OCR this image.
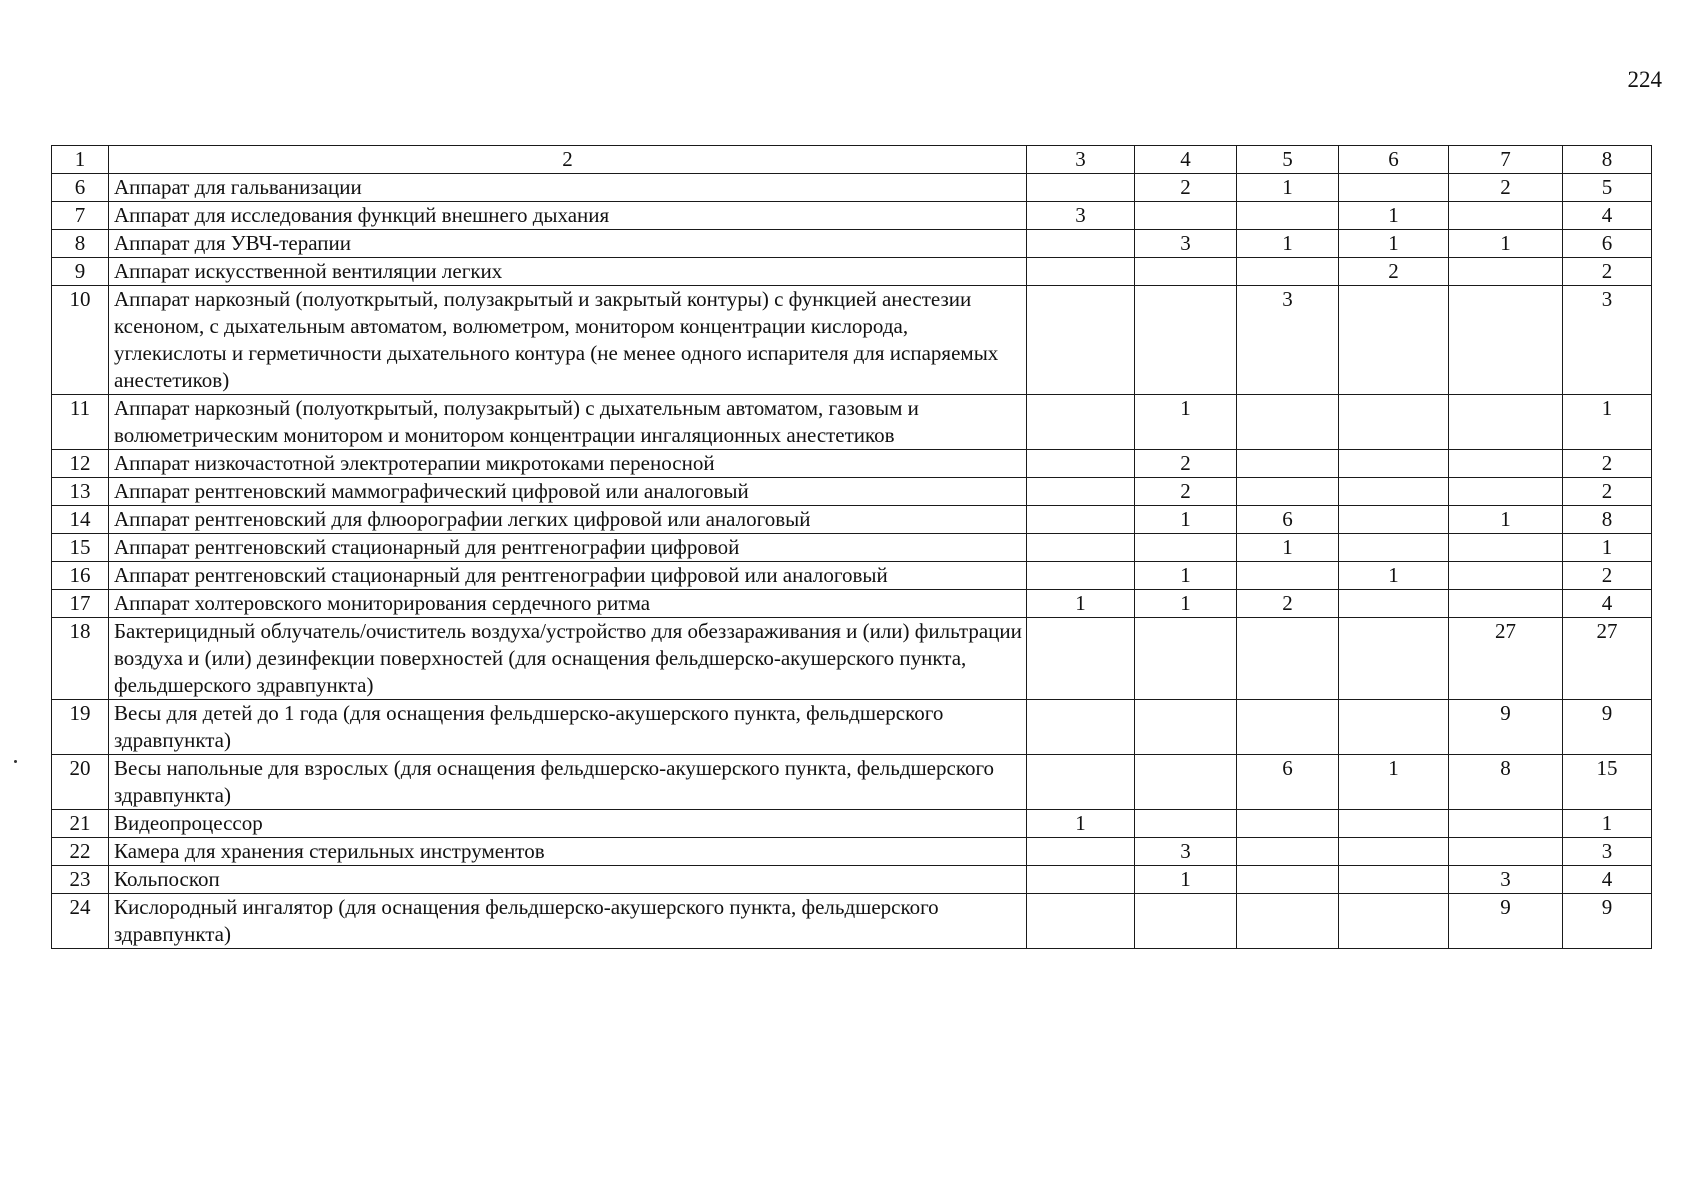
224
1	2	3	4	5	6	7	8
6	Аппарат для гальванизации		2	1		2	5
7	Аппарат для исследования функций внешнего дыхания	3			1		4
8	Аппарат для УВЧ-терапии		3	1	1	1	6
9	Аппарат искусственной вентиляции легких				2		2
10	Аппарат наркозный (полуоткрытый, полузакрытый и закрытый контуры) с функцией анестезии ксеноном, с дыхательным автоматом, волюметром, монитором концентрации кислорода, углекислоты и герметичности дыхательного контура (не менее одного испарителя для испаряемых анестетиков)			3			3
11	Аппарат наркозный (полуоткрытый, полузакрытый) с дыхательным автоматом, газовым и волюметрическим монитором и монитором концентрации ингаляционных анестетиков		1				1
12	Аппарат низкочастотной электротерапии микротоками переносной		2				2
13	Аппарат рентгеновский маммографический цифровой или аналоговый		2				2
14	Аппарат рентгеновский для флюорографии легких цифровой или аналоговый		1	6		1	8
15	Аппарат рентгеновский стационарный для рентгенографии цифровой			1			1
16	Аппарат рентгеновский стационарный для рентгенографии цифровой или аналоговый		1		1		2
17	Аппарат холтеровского мониторирования сердечного ритма	1	1	2			4
18	Бактерицидный облучатель/очиститель воздуха/устройство для обеззараживания и (или) фильтрации воздуха и (или) дезинфекции поверхностей (для оснащения фельдшерско-акушерского пункта, фельдшерского здравпункта)					27	27
19	Весы для детей до 1 года (для оснащения фельдшерско-акушерского пункта, фельдшерского здравпункта)					9	9
20	Весы напольные для взрослых (для оснащения фельдшерско-акушерского пункта, фельдшерского здравпункта)			6	1	8	15
21	Видеопроцессор	1					1
22	Камера для хранения стерильных инструментов		3				3
23	Кольпоскоп		1			3	4
24	Кислородный ингалятор (для оснащения фельдшерско-акушерского пункта, фельдшерского здравпункта)					9	9
